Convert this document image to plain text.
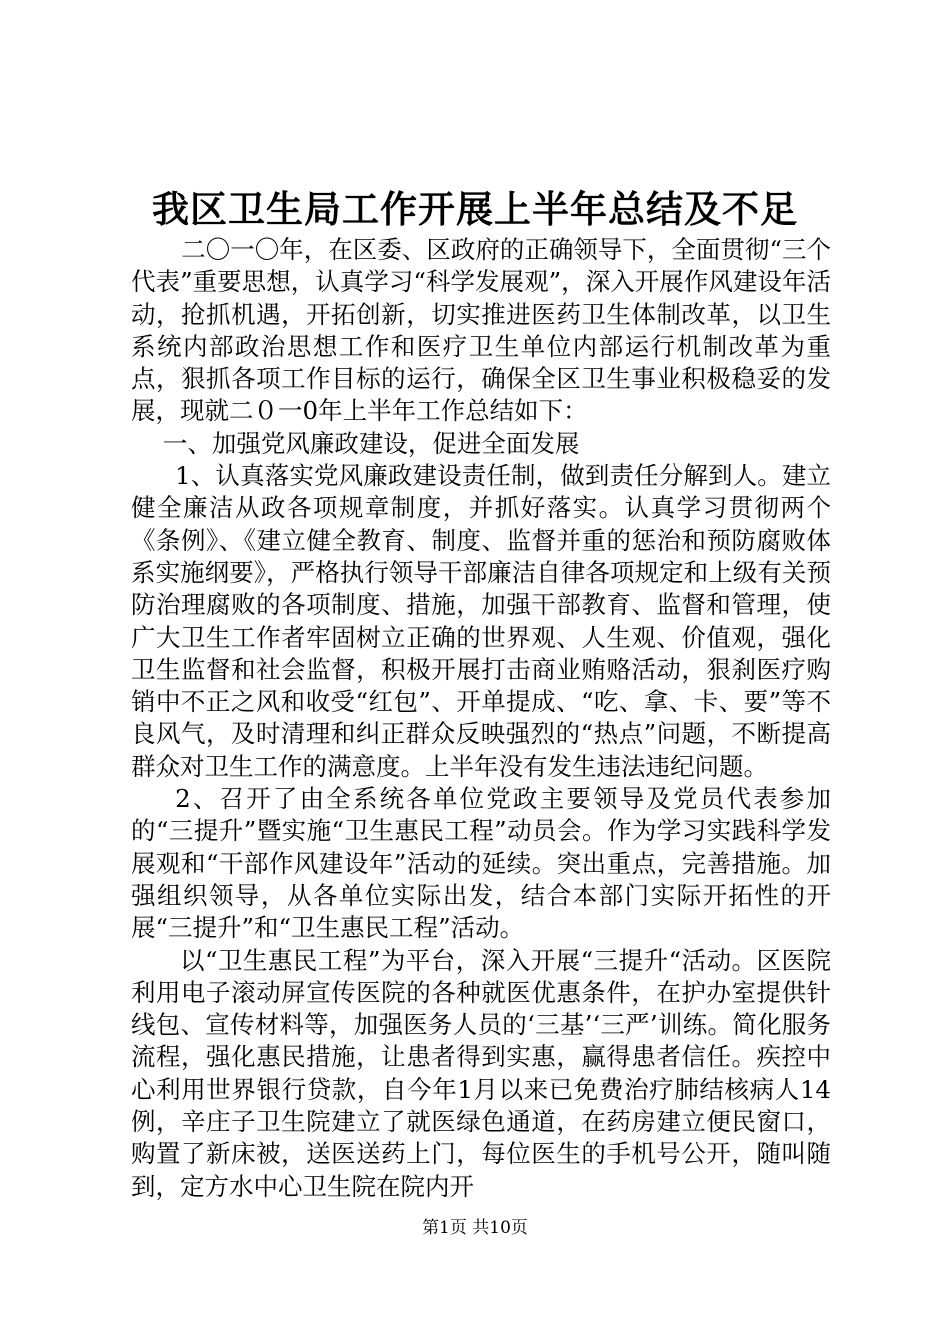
我区卫生局工作开展上半年总结及不足

二〇一〇年，在区委、区政府的正确领导下，全面贯彻“三个代表”重要思想，认真学习“科学发展观”，深入开展作风建设年活动，抢抓机遇，开拓创新，切实推进医药卫生体制改革，以卫生系统内部政治思想工作和医疗卫生单位内部运行机制改革为重点，狠抓各项工作目标的运行，确保全区卫生事业积极稳妥的发展，现就二０一0年上半年工作总结如下：

一、加强党风廉政建设，促进全面发展

1、认真落实党风廉政建设责任制，做到责任分解到人。建立健全廉洁从政各项规章制度，并抓好落实。认真学习贯彻两个《条例》、《建立健全教育、制度、监督并重的惩治和预防腐败体系实施纲要》，严格执行领导干部廉洁自律各项规定和上级有关预防治理腐败的各项制度、措施，加强干部教育、监督和管理，使广大卫生工作者牢固树立正确的世界观、人生观、价值观，强化卫生监督和社会监督，积极开展打击商业贿赂活动，狠刹医疗购销中不正之风和收受“红包”、开单提成、“吃、拿、卡、要”等不良风气，及时清理和纠正群众反映强烈的“热点”问题，不断提高群众对卫生工作的满意度。上半年没有发生违法违纪问题。

2、召开了由全系统各单位党政主要领导及党员代表参加的“三提升”暨实施“卫生惠民工程”动员会。作为学习实践科学发展观和“干部作风建设年”活动的延续。突出重点，完善措施。加强组织领导，从各单位实际出发，结合本部门实际开拓性的开展“三提升”和“卫生惠民工程”活动。

以“卫生惠民工程”为平台，深入开展“三提升“活动。区医院利用电子滚动屏宣传医院的各种就医优惠条件，在护办室提供针线包、宣传材料等，加强医务人员的‘三基’‘三严’训练。简化服务流程，强化惠民措施，让患者得到实惠，赢得患者信任。疾控中心利用世界银行贷款，自今年1月以来已免费治疗肺结核病人14例，辛庄子卫生院建立了就医绿色通道，在药房建立便民窗口，购置了新床被，送医送药上门，每位医生的手机号公开，随叫随到，定方水中心卫生院在院内开

第1页 共10页
